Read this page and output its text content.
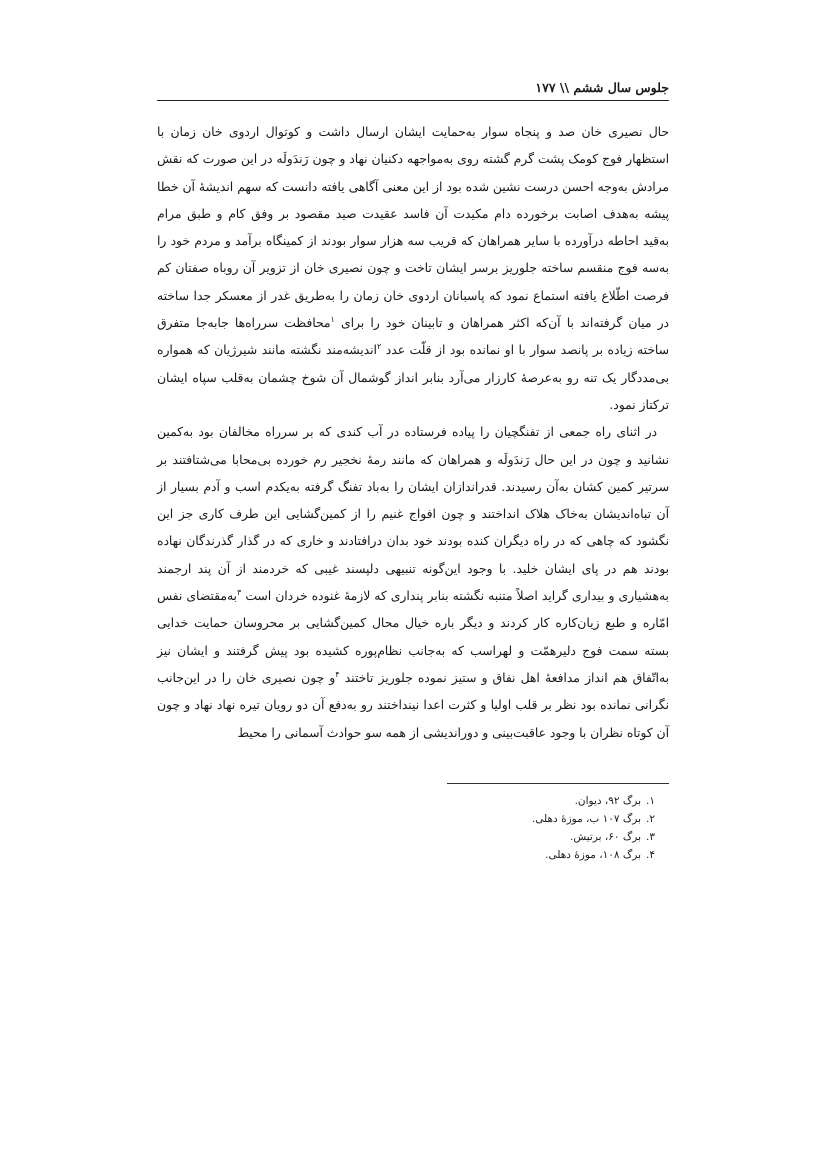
جلوس سال ششم \\ ۱۷۷

حال نصیری خان صد و پنجاه سوار به‌حمایت ایشان ارسال داشت و کوتوال اردوی خان زمان با استظهار فوج کومک پشت گرم گشته روی به‌مواجهه دکنیان نهاد و چون رَندَولَه در این صورت که نقش مرادش به‌وجه احسن درست نشین شده بود از این معنی آگاهی یافته دانست که سهم اندیشهٔ آن خطا پیشه به‌هدف اصابت برخورده دام مکیدت آن فاسد عقیدت صید مقصود بر وفق کام و طبق مرام به‌قید احاطه درآورده با سایر همراهان که قریب سه هزار سوار بودند از کمینگاه برآمد و مردم خود را به‌سه فوج منقسم ساخته جلوریز برسر ایشان تاخت و چون نصیری خان از تزویر آن روباه صفتان کم فرصت اطّلاع یافته استماع نمود که پاسبانان اردوی خان زمان را به‌طریق غدر از معسکر جدا ساخته در میان گرفته‌اند با آن‌که اکثر همراهان و تابینان خود را برای $^۱$محافظت سررا‌ه‌ها جابه‌جا متفرق ساخته زیاده بر پانصد سوار با او نمانده بود از قلّت عدد $^۲$اندیشه‌مند نگشته مانند شیرژیان که همواره بی‌مددگار یک تنه رو به‌عرصهٔ کارزار می‌آرد بنابر انداز گوشمال آن شوخ چشمان به‌قلب سپاه ایشان ترکتاز نمود.

در اثنای راه جمعی از تفنگچیان را پیاده فرستاده در آب کندی که بر سرراه مخالفان بود به‌کمین نشانید و چون در این حال رَندَولَه و همراهان که مانند رمهٔ نخجیر رم خورده بی‌محابا می‌شتافتند بر سرتیر کمین کشان به‌آن رسیدند. قدراندازان ایشان را به‌باد تفنگ گرفته به‌یکدم اسب و آدم بسیار از آن تباه‌اندیشان به‌خاک هلاک انداختند و چون افواج غنیم را از کمین‌گشایی این طرف کاری جز این نگشود که چاهی که در راه دیگران کنده بودند خود بدان درافتادند و خاری که در گذار گذرندگان نهاده بودند هم در پای ایشان خلید. با وجود این‌گونه تنبیهی دلپسند غیبی که خردمند از آن پند ارجمند به‌هشیاری و بیداری گراید اصلاً متنبه نگشته بنابر پنداری که لازمهٔ غنوده خردان است $^۳$به‌مقتضای نفس امّاره و طبع زیان‌کاره کار کردند و دیگر باره خیال محال کمین‌گشایی بر محروسان حمایت خدایی بسته سمت فوج دلیرهمّت و لهراسب که به‌جانب نظام‌پوره کشیده بود پیش گرفتند و ایشان نیز به‌اتّفاق هم انداز مدافعهٔ اهل نفاق و ستیز نموده جلوریز تاختند $^۴$و چون نصیری خان را در این‌جانب نگرانی نمانده بود نظر بر قلب اولیا و کثرت اعدا نینداختند رو به‌دفع آن دو رویان تیره نهاد نهاد و چون آن کوتاه نظران با وجود عاقبت‌بینی و دوراندیشی از همه سو حوادث آسمانی را محیط

۱.
برگ ۹۲، دیوان.
۲.
برگ ۱۰۷ ب، موزهٔ دهلی.
۳.
برگ ۶۰، برتیش.
۴.
برگ ۱۰۸، موزهٔ دهلی.
